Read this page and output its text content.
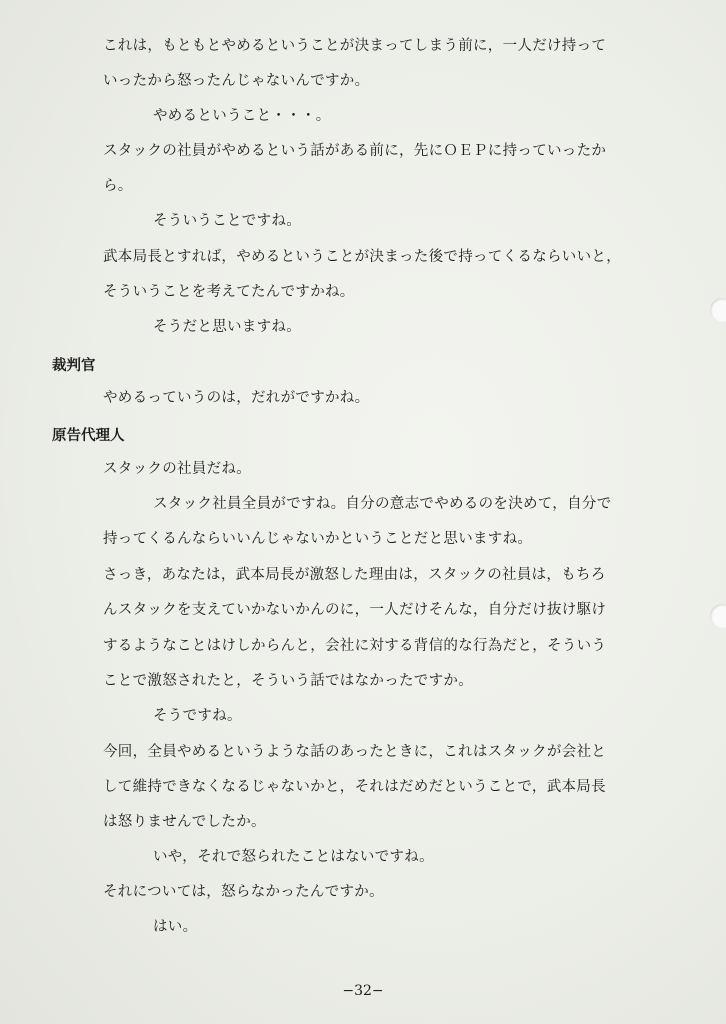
これは，もともとやめるということが決まってしまう前に，一人だけ持って
いったから怒ったんじゃないんですか。
やめるということ・・・。
スタックの社員がやめるという話がある前に，先にＯＥＰに持っていったか
ら。
そういうことですね。
武本局長とすれば，やめるということが決まった後で持ってくるならいいと，
そういうことを考えてたんですかね。
そうだと思いますね。
裁判官
やめるっていうのは，だれがですかね。
原告代理人
スタックの社員だね。
スタック社員全員がですね。自分の意志でやめるのを決めて，自分で
持ってくるんならいいんじゃないかということだと思いますね。
さっき，あなたは，武本局長が激怒した理由は，スタックの社員は，もちろ
んスタックを支えていかないかんのに，一人だけそんな，自分だけ抜け駆け
するようなことはけしからんと，会社に対する背信的な行為だと，そういう
ことで激怒されたと，そういう話ではなかったですか。
そうですね。
今回，全員やめるというような話のあったときに，これはスタックが会社と
して維持できなくなるじゃないかと，それはだめだということで，武本局長
は怒りませんでしたか。
いや，それで怒られたことはないですね。
それについては，怒らなかったんですか。
はい。
−32−
